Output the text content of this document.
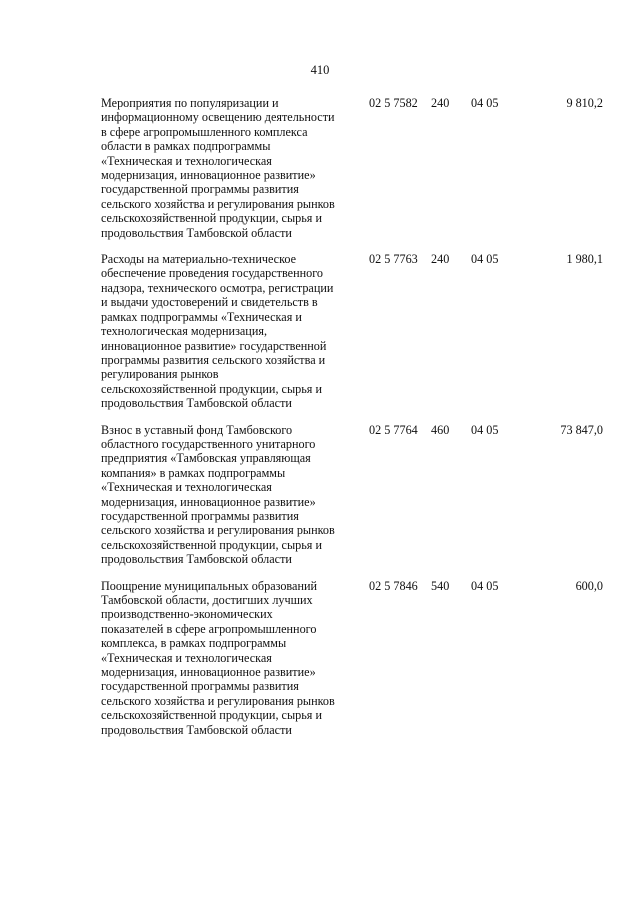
410
Мероприятия по популяризации и
информационному освещению деятельности
в сфере агропромышленного комплекса
области в рамках подпрограммы
«Техническая и технологическая
модернизация, инновационное развитие»
государственной программы развития
сельского хозяйства и регулирования рынков
сельскохозяйственной продукции, сырья и
продовольствия Тамбовской области
02 5 7582 240 04 05	9 810,2
Расходы на материально-техническое
обеспечение проведения государственного
надзора, технического осмотра, регистрации
и выдачи удостоверений и свидетельств в
рамках подпрограммы «Техническая и
технологическая модернизация,
инновационное развитие» государственной
программы развития сельского хозяйства и
регулирования рынков
сельскохозяйственной продукции, сырья и
продовольствия Тамбовской области
02 5 7763 240 04 05	1 980,1
Взнос в уставный фонд Тамбовского
областного государственного унитарного
предприятия «Тамбовская управляющая
компания» в рамках подпрограммы
«Техническая и технологическая
модернизация, инновационное развитие»
государственной программы развития
сельского хозяйства и регулирования рынков
сельскохозяйственной продукции, сырья и
продовольствия Тамбовской области
02 5 7764 460 04 05	73 847,0
Поощрение муниципальных образований
Тамбовской области, достигших лучших
производственно-экономических
показателей в сфере агропромышленного
комплекса, в рамках подпрограммы
«Техническая и технологическая
модернизация, инновационное развитие»
государственной программы развития
сельского хозяйства и регулирования рынков
сельскохозяйственной продукции, сырья и
продовольствия Тамбовской области
02 5 7846 540 04 05	600,0
